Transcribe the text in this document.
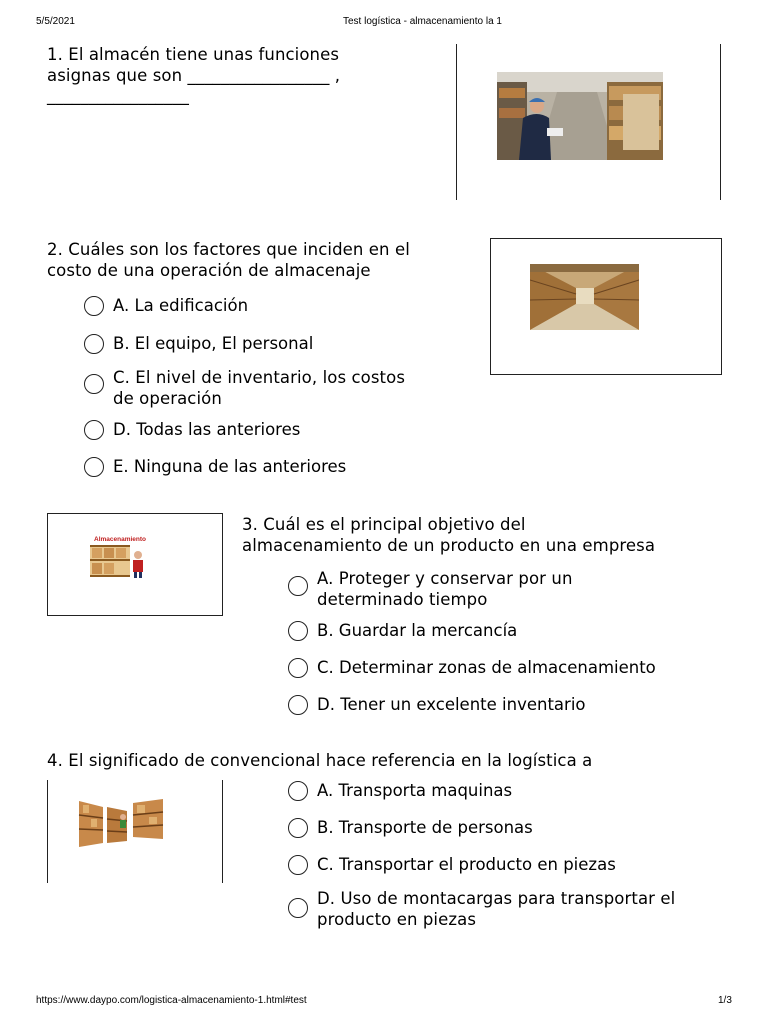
5/5/2021	Test logística - almacenamiento la 1
1. El almacén tiene unas funciones
asignas que son _________________ ,
_________________
2. Cuáles son los factores que inciden en el
costo de una operación de almacenaje
A. La edificación
B. El equipo, El personal
C. El nivel de inventario, los costos
de operación
D. Todas las anteriores
E. Ninguna de las anteriores
Almacenamiento
3. Cuál es el principal objetivo del
almacenamiento de un producto en una empresa
A. Proteger y conservar por un
determinado tiempo
B. Guardar la mercancía
C. Determinar zonas de almacenamiento
D. Tener un excelente inventario
4. El significado de convencional hace referencia en la logística a
A. Transporta maquinas
B. Transporte de personas
C. Transportar el producto en piezas
D. Uso de montacargas para transportar el
producto en piezas
https://www.daypo.com/logistica-almacenamiento-1.html#test	1/3
